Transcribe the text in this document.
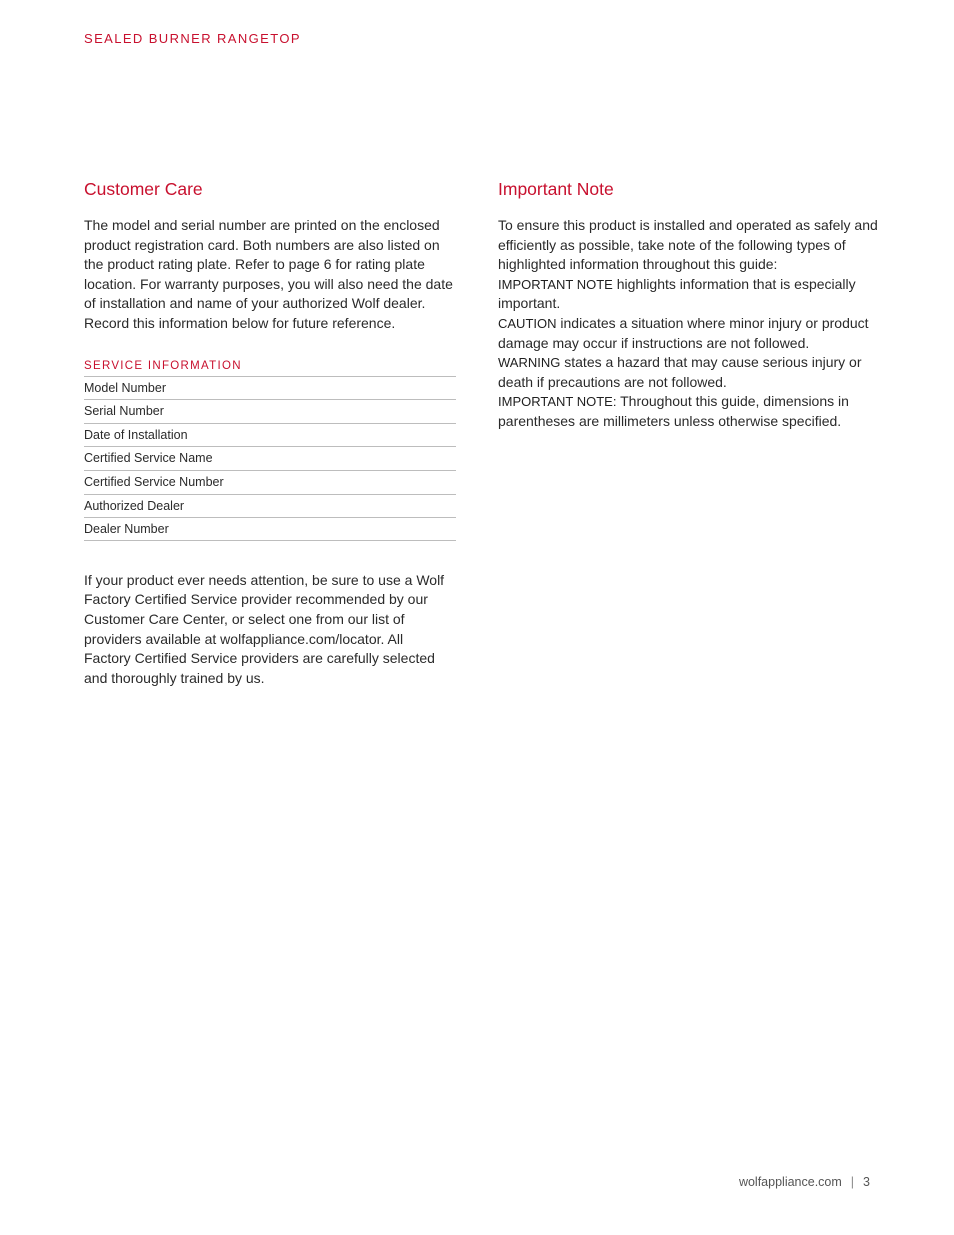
SEALED BURNER RANGETOP
Customer Care

The model and serial number are printed on the enclosed product registration card. Both numbers are also listed on the product rating plate. Refer to page 6 for rating plate location. For warranty purposes, you will also need the date of installation and name of your authorized Wolf dealer. Record this information below for future reference.

SERVICE INFORMATION
Model Number
Serial Number
Date of Installation
Certified Service Name
Certified Service Number
Authorized Dealer
Dealer Number

If your product ever needs attention, be sure to use a Wolf Factory Certified Service provider recommended by our Customer Care Center, or select one from our list of providers available at wolfappliance.com/locator. All Factory Certified Service providers are carefully selected and thoroughly trained by us.

Important Note

To ensure this product is installed and operated as safely and efficiently as possible, take note of the following types of highlighted information throughout this guide:

IMPORTANT NOTE highlights information that is especially important.

CAUTION indicates a situation where minor injury or product damage may occur if instructions are not followed.

WARNING states a hazard that may cause serious injury or death if precautions are not followed.

IMPORTANT NOTE: Throughout this guide, dimensions in parentheses are millimeters unless otherwise specified.

wolfappliance.com | 3
